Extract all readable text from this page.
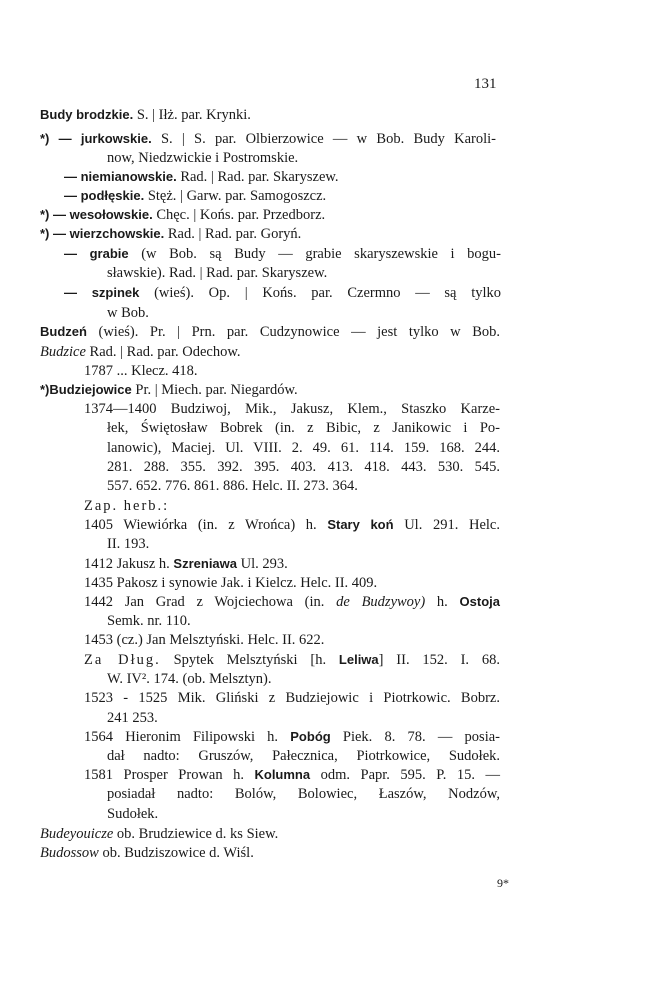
131
Budy brodzkie. S. | Iłż. par. Krynki.
*) — jurkowskie. S. | S. par. Olbierzowice — w Bob. Budy Karoli-
now, Niedzwickie i Postromskie.
— niemianowskie. Rad. | Rad. par. Skaryszew.
— podłęskie. Stęż. | Garw. par. Samogoszcz.
*) — wesołowskie. Chęc. | Końs. par. Przedborz.
*) — wierzchowskie. Rad. | Rad. par. Goryń.
— grabie (w Bob. są Budy — grabie skaryszewskie i bogu-
sławskie). Rad. | Rad. par. Skaryszew.
— szpinek (wieś). Op. | Końs. par. Czermno — są tylko
w Bob.
Budzeń (wieś). Pr. | Prn. par. Cudzynowice — jest tylko w Bob.
Budzice Rad. | Rad. par. Odechow.
1787 ... Klecz. 418.
*)Budziejowice Pr. | Miech. par. Niegardów.
1374—1400 Budziwoj, Mik., Jakusz, Klem., Staszko Karze-
łek, Świętosław Bobrek (in. z Bibic, z Janikowic i Po-
lanowic), Maciej. Ul. VIII. 2. 49. 61. 114. 159. 168. 244.
281. 288. 355. 392. 395. 403. 413. 418. 443. 530. 545.
557. 652. 776. 861. 886. Helc. II. 273. 364.
Zap. herb.:
1405 Wiewiórka (in. z Wrońca) h. Stary koń Ul. 291. Helc.
II. 193.
1412 Jakusz h. Szreniawa Ul. 293.
1435 Pakosz i synowie Jak. i Kielcz. Helc. II. 409.
1442 Jan Grad z Wojciechowa (in. de Budzywoy) h. Ostoja
Semk. nr. 110.
1453 (cz.) Jan Melsztyński. Helc. II. 622.
Za Dług. Spytek Melsztyński [h. Leliwa] II. 152. I. 68.
W. IV². 174. (ob. Melsztyn).
1523 - 1525 Mik. Gliński z Budziejowic i Piotrkowic. Bobrz.
241 253.
1564 Hieronim Filipowski h. Pobóg Piek. 8. 78. — posia-
dał nadto: Gruszów, Pałecznica, Piotrkowice, Sudołek.
1581 Prosper Prowan h. Kolumna odm. Papr. 595. P. 15. —
posiadał nadto: Bolów, Bolowiec, Łaszów, Nodzów,
Sudołek.
Budeyouicze ob. Brudziewice d. ks Siew.
Budossow ob. Budziszowice d. Wiśl.
9*
